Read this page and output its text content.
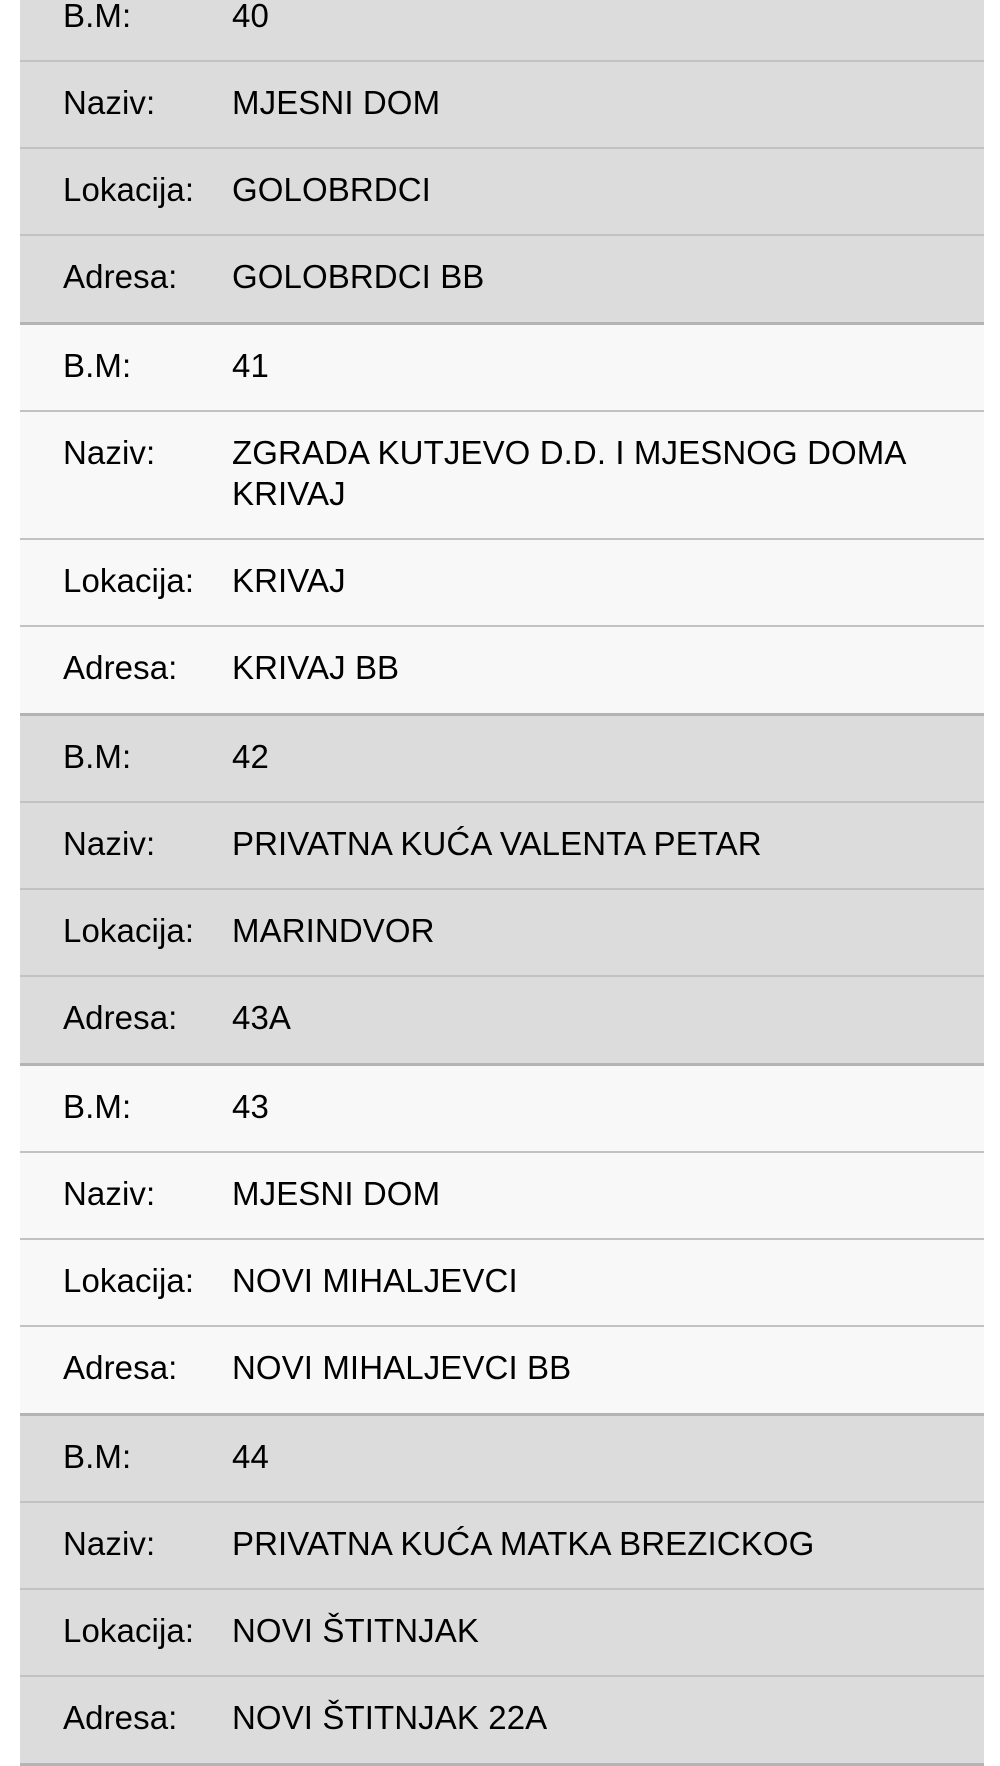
B.M:	40
Naziv:	MJESNI DOM
Lokacija:	GOLOBRDCI
Adresa:	GOLOBRDCI BB
B.M:	41
Naziv:	ZGRADA KUTJEVO D.D. I MJESNOG DOMA KRIVAJ
Lokacija:	KRIVAJ
Adresa:	KRIVAJ BB
B.M:	42
Naziv:	PRIVATNA KUĆA VALENTA PETAR
Lokacija:	MARINDVOR
Adresa:	43A
B.M:	43
Naziv:	MJESNI DOM
Lokacija:	NOVI MIHALJEVCI
Adresa:	NOVI MIHALJEVCI BB
B.M:	44
Naziv:	PRIVATNA KUĆA MATKA BREZICKOG
Lokacija:	NOVI ŠTITNJAK
Adresa:	NOVI ŠTITNJAK 22A
